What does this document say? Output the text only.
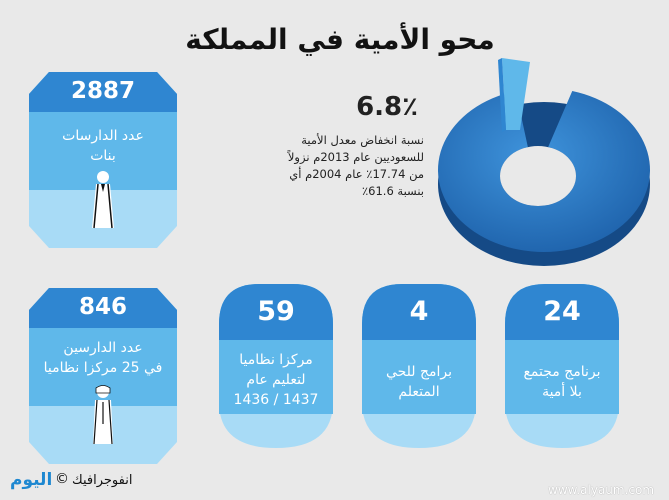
محو الأمية في المملكة
6.8٪
نسبة انخفاض معدل الأمية
للسعوديين عام 2013م نزولاً
من 17.74٪ عام 2004م أي
بنسبة 61.6٪
2887
عدد الدارسات
بنات
846
عدد الدارسين
في 25 مركزا نظاميا
59
مركزا نظاميا
لتعليم عام
1437 / 1436
4
برامج للحي
المتعلم
24
برنامج مجتمع
بلا أمية
اليوم © انفوجرافيك
www.alyaum.com
